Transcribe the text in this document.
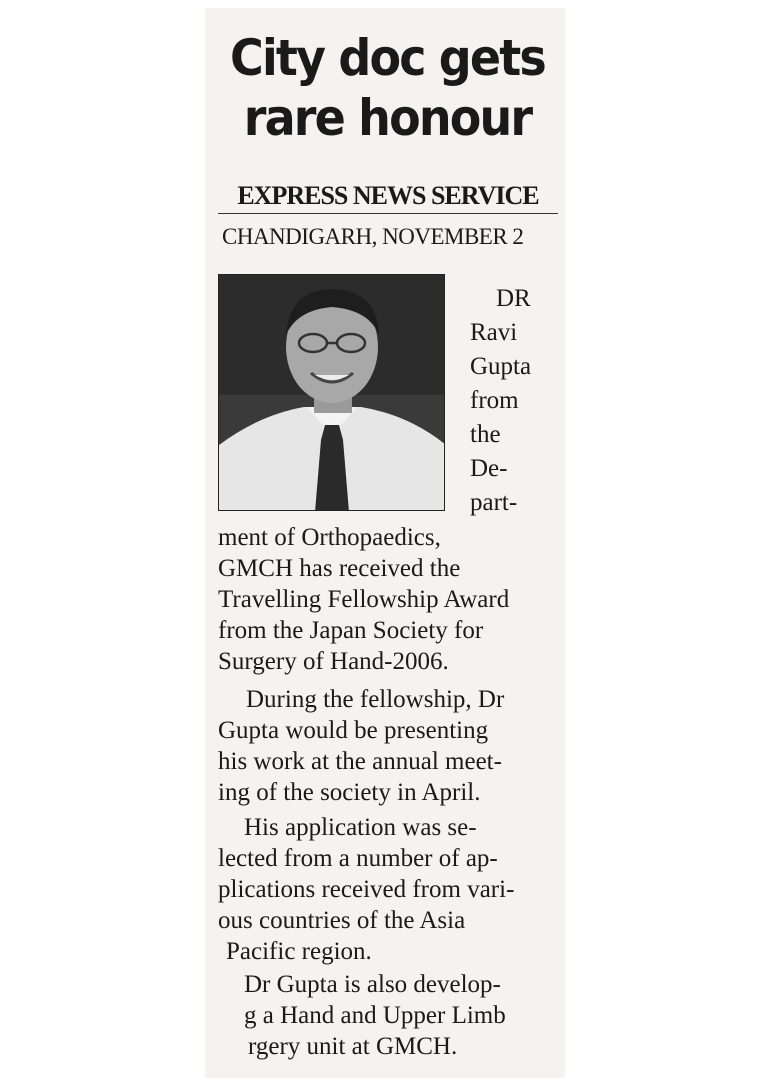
City doc gets
rare honour
EXPRESS NEWS SERVICE
CHANDIGARH, NOVEMBER 2
DR
Ravi
Gupta
from
the
De-
part-
ment of Orthopaedics,
GMCH has received the
Travelling Fellowship Award
from the Japan Society for
Surgery of Hand-2006.
During the fellowship, Dr
Gupta would be presenting
his work at the annual meet-
ing of the society in April.
His application was se-
lected from a number of ap-
plications received from vari-
ous countries of the Asia
Pacific region.
Dr Gupta is also develop-
g a Hand and Upper Limb
rgery unit at GMCH.
